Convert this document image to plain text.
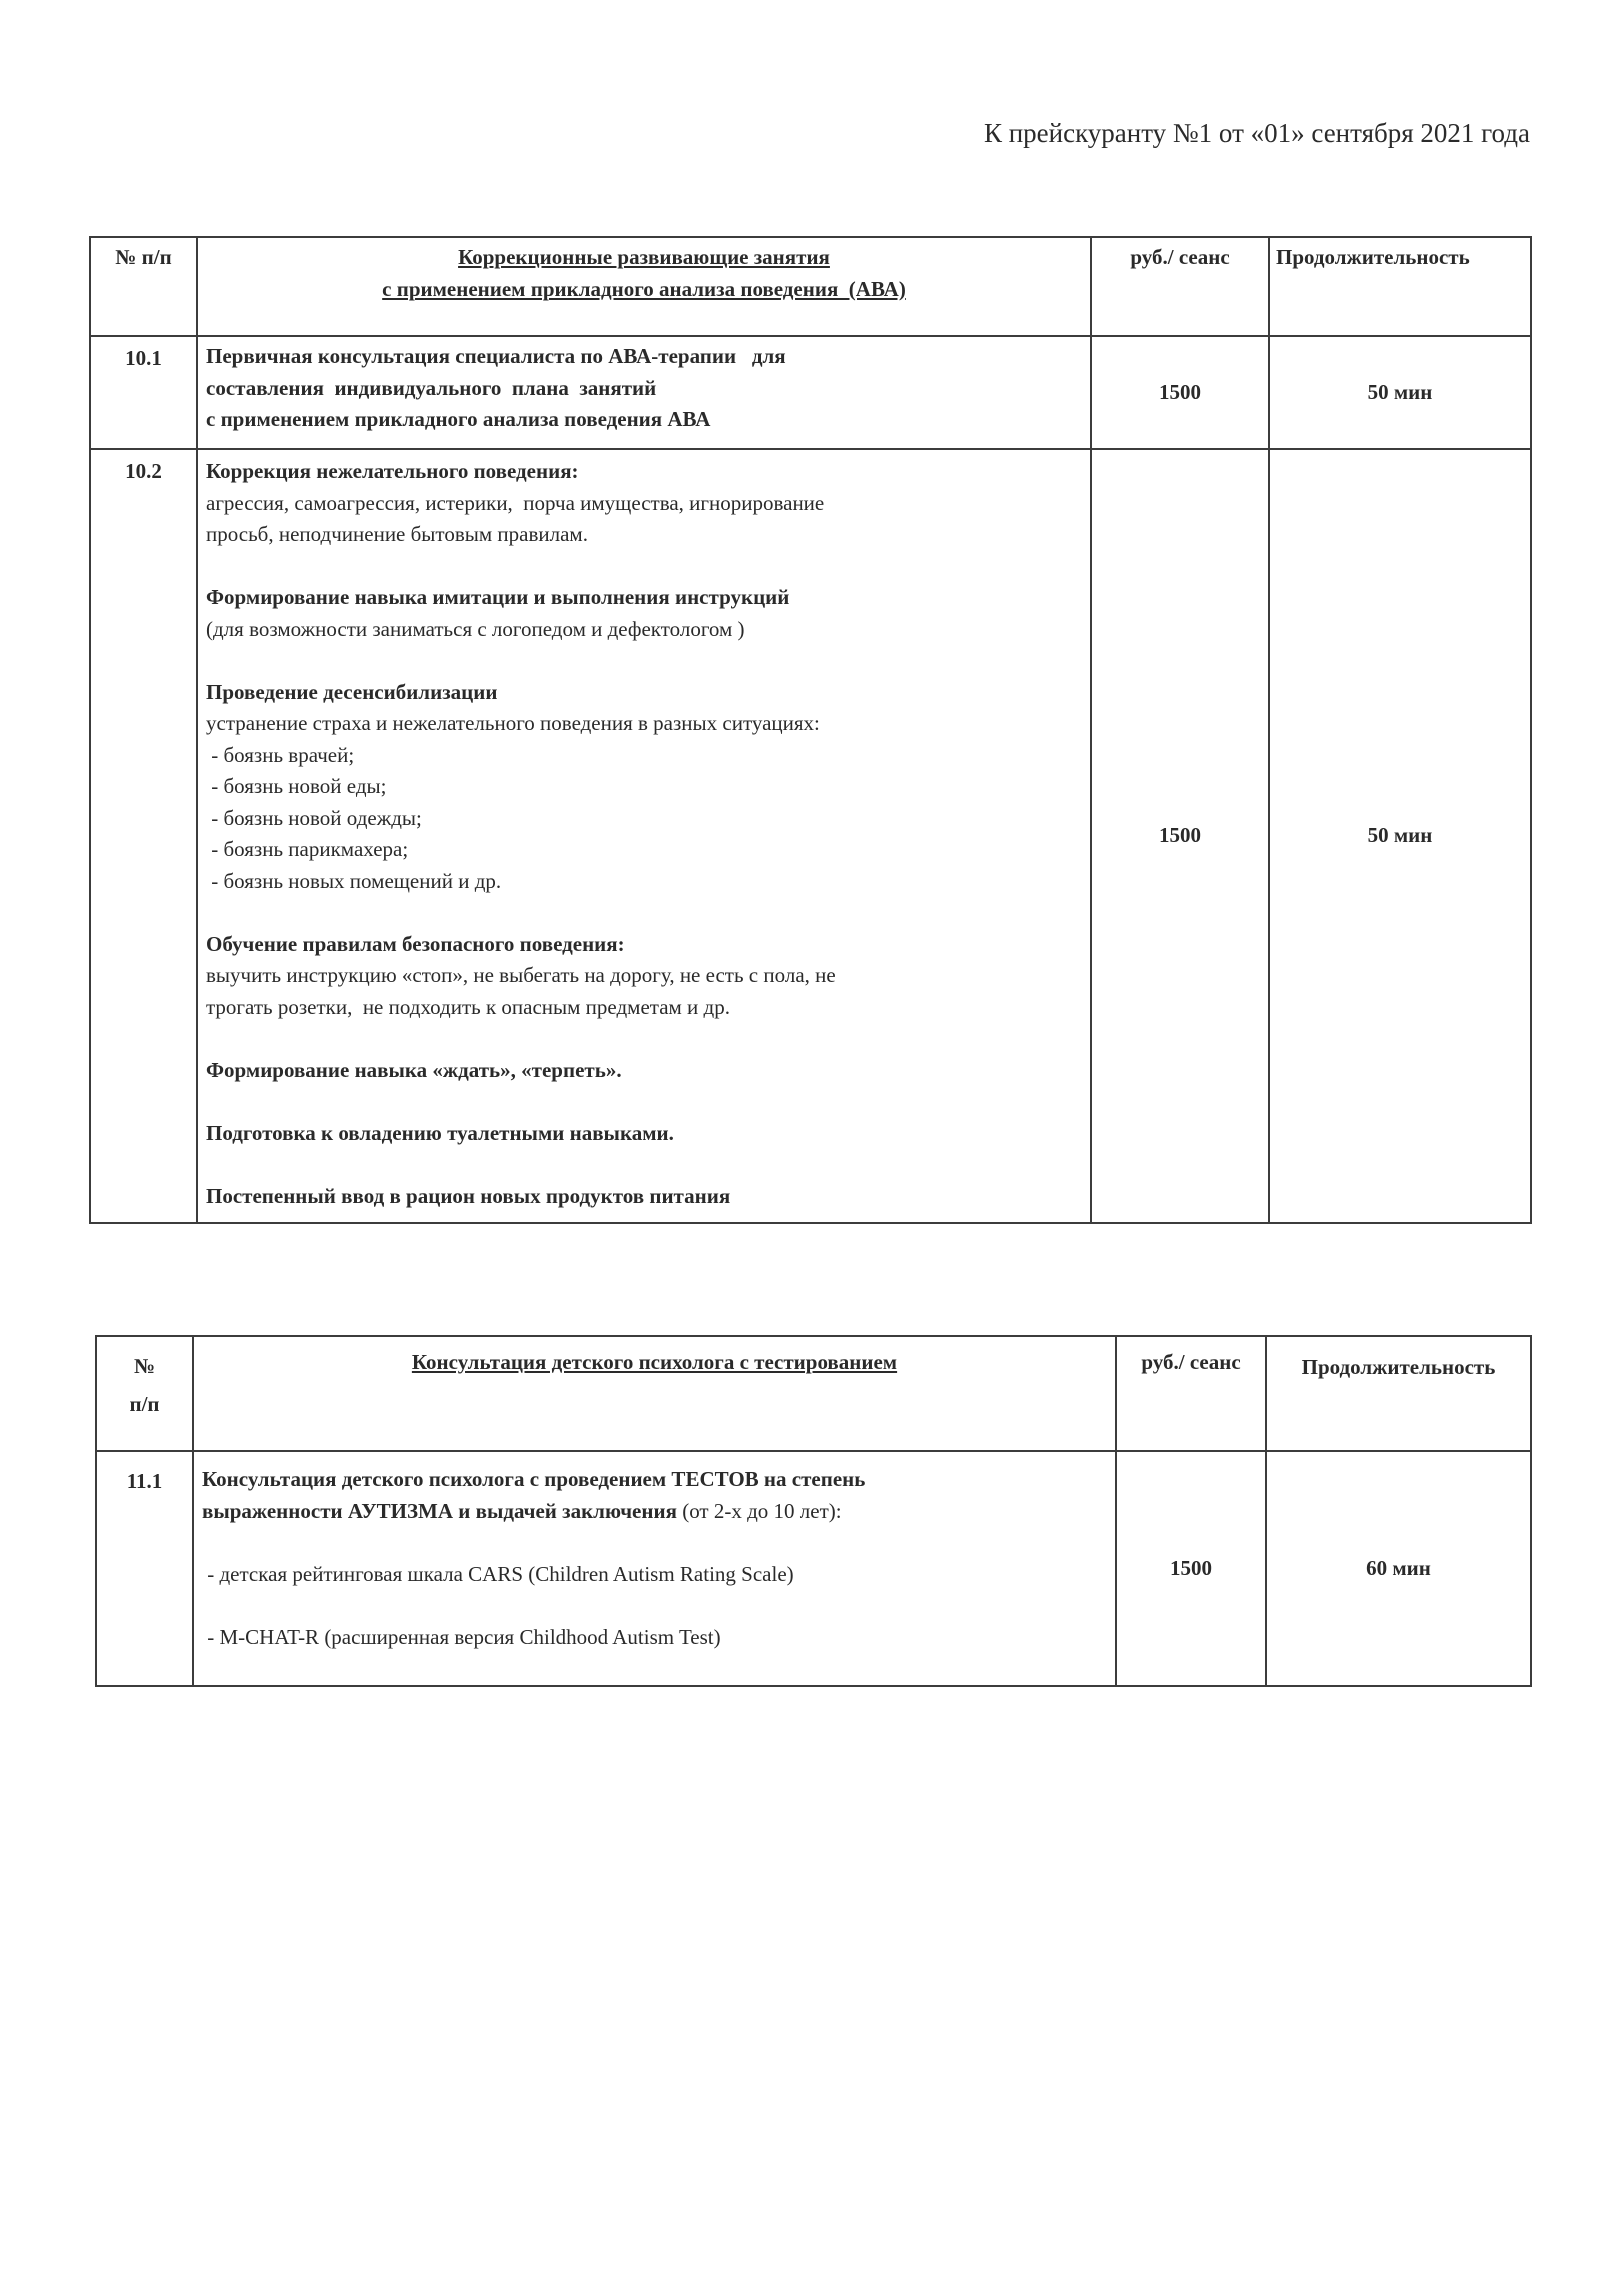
К прейскуранту №1 от «01» сентября 2021 года
№ п/п	Коррекционные развивающие занятия
с применением прикладного анализа поведения  (АВА)	руб./ сеанс	Продолжительность
10.1	Первичная консультация специалиста по АВА-терапии   для
составления  индивидуального  плана  занятий
с применением прикладного анализа поведения АВА	1500	50 мин
10.2	Коррекция нежелательного поведения:
агрессия, самоагрессия, истерики,  порча имущества, игнорирование
просьб, неподчинение бытовым правилам.
Формирование навыка имитации и выполнения инструкций
(для возможности заниматься с логопедом и дефектологом )
Проведение десенсибилизации
устранение страха и нежелательного поведения в разных ситуациях:
- боязнь врачей;
- боязнь новой еды;
- боязнь новой одежды;
- боязнь парикмахера;
- боязнь новых помещений и др.
Обучение правилам безопасного поведения:
выучить инструкцию «стоп», не выбегать на дорогу, не есть с пола, не
трогать розетки,  не подходить к опасным предметам и др.
Формирование навыка «ждать», «терпеть».
Подготовка к овладению туалетными навыками.
Постепенный ввод в рацион новых продуктов питания
	1500	50 мин
№ п/п	Консультация детского психолога с тестированием	руб./ сеанс	Продолжительность

11.1	Консультация детского психолога с проведением ТЕСТОВ на степень
выраженности АУТИЗМА и выдачей заключения (от 2-х до 10 лет):
- детская рейтинговая шкала CARS (Children Autism Rating Scale)
- M-CHAT-R (расширенная версия Childhood Autism Test)	1500	60 мин
